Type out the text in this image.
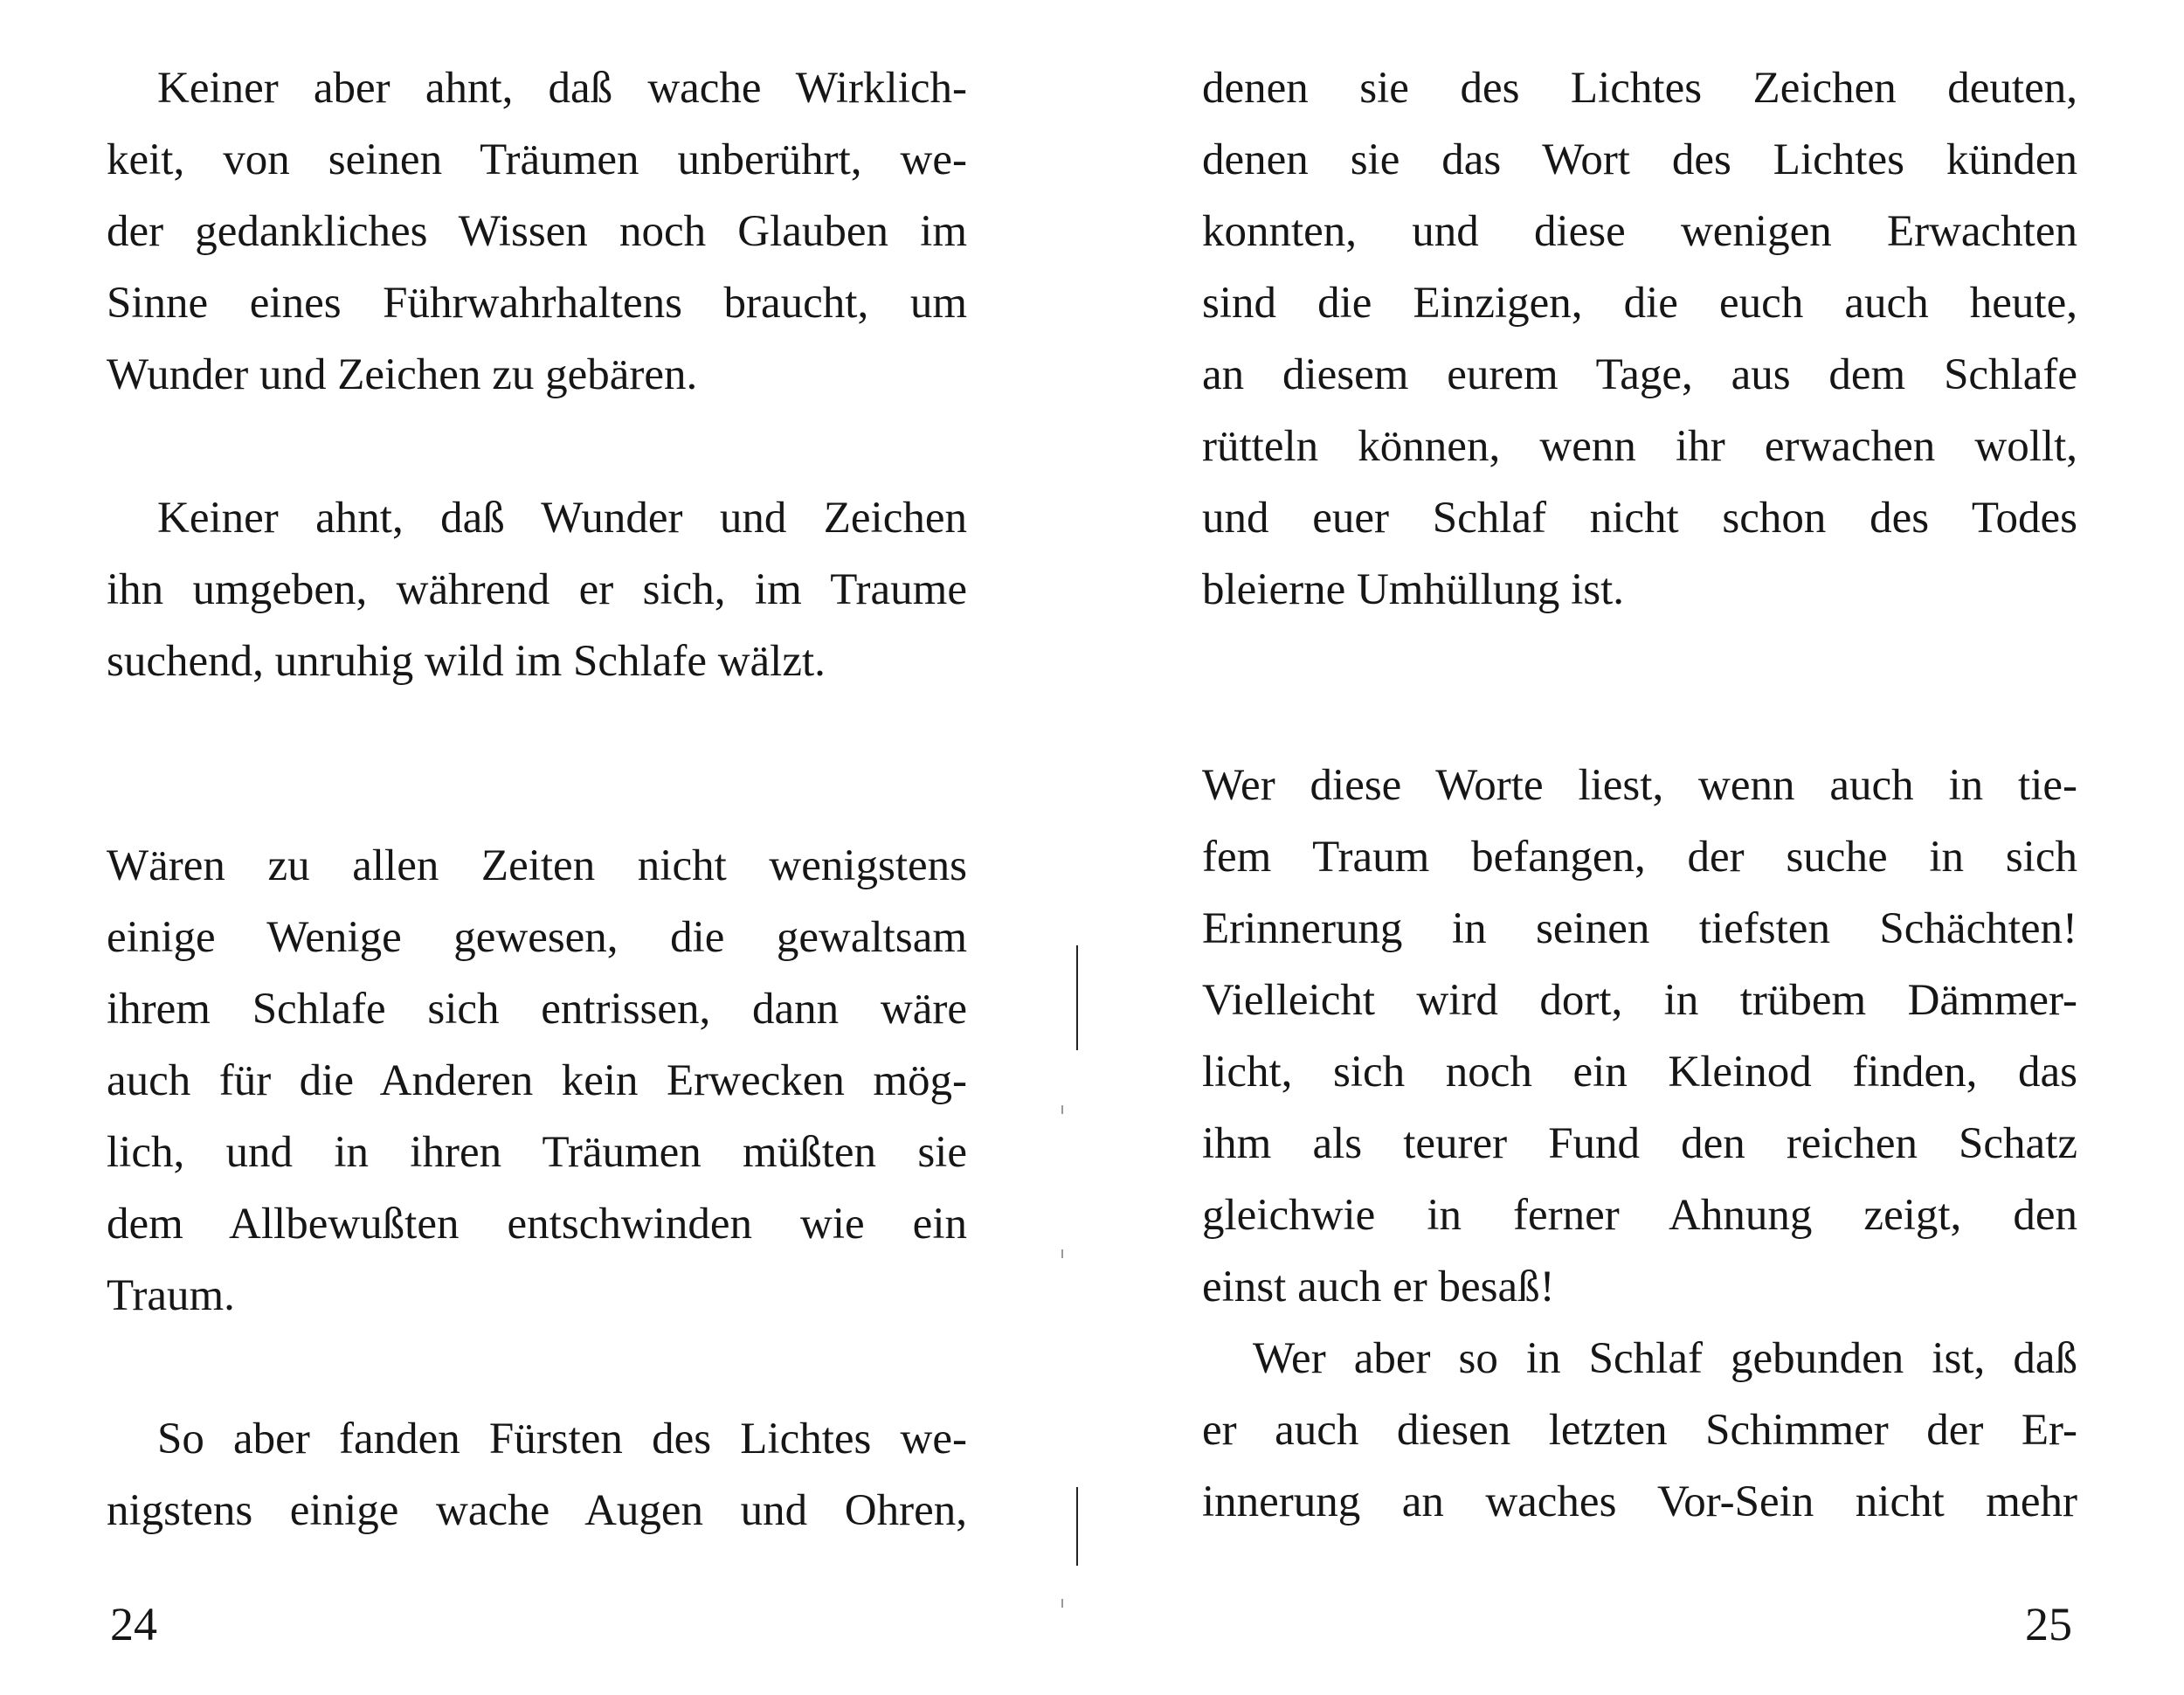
Keiner aber ahnt, daß wache Wirklich-
keit, von seinen Träumen unberührt, we-
der gedankliches Wissen noch Glauben im
Sinne eines Führwahrhaltens braucht, um
Wunder und Zeichen zu gebären.

Keiner ahnt, daß Wunder und Zeichen
ihn umgeben, während er sich, im Traume
suchend, unruhig wild im Schlafe wälzt.

Wären zu allen Zeiten nicht wenigstens
einige Wenige gewesen, die gewaltsam
ihrem Schlafe sich entrissen, dann wäre
auch für die Anderen kein Erwecken mög-
lich, und in ihren Träumen müßten sie
dem Allbewußten entschwinden wie ein
Traum.

So aber fanden Fürsten des Lichtes we-
nigstens einige wache Augen und Ohren,

24

denen sie des Lichtes Zeichen deuten,
denen sie das Wort des Lichtes künden
konnten, und diese wenigen Erwachten
sind die Einzigen, die euch auch heute,
an diesem eurem Tage, aus dem Schlafe
rütteln können, wenn ihr erwachen wollt,
und euer Schlaf nicht schon des Todes
bleierne Umhüllung ist.

Wer diese Worte liest, wenn auch in tie-
fem Traum befangen, der suche in sich
Erinnerung in seinen tiefsten Schächten!
Vielleicht wird dort, in trübem Dämmer-
licht, sich noch ein Kleinod finden, das
ihm als teurer Fund den reichen Schatz
gleichwie in ferner Ahnung zeigt, den
einst auch er besaß!

Wer aber so in Schlaf gebunden ist, daß
er auch diesen letzten Schimmer der Er-
innerung an waches Vor-Sein nicht mehr

25
